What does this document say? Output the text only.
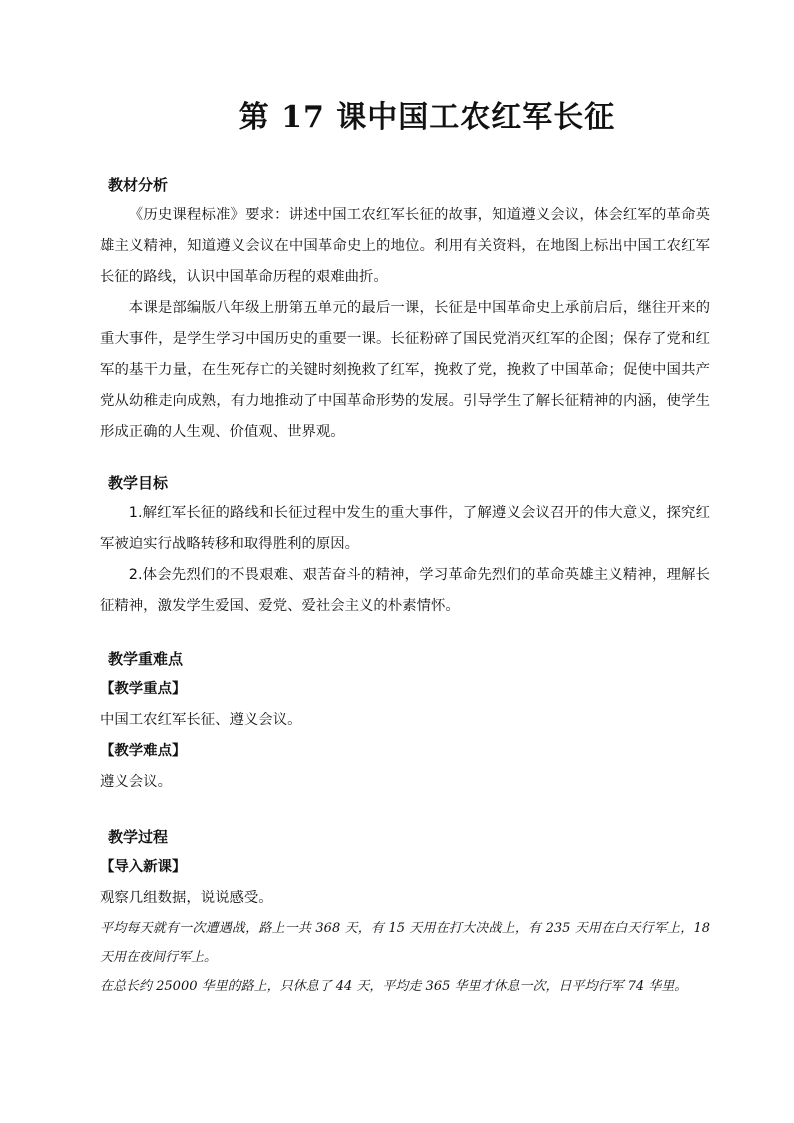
第 17 课中国工农红军长征

教材分析

《历史课程标准》要求：讲述中国工农红军长征的故事，知道遵义会议，体会红军的革命英雄主义精神，知道遵义会议在中国革命史上的地位。利用有关资料，在地图上标出中国工农红军长征的路线，认识中国革命历程的艰难曲折。

本课是部编版八年级上册第五单元的最后一课，长征是中国革命史上承前启后，继往开来的重大事件，是学生学习中国历史的重要一课。长征粉碎了国民党消灭红军的企图；保存了党和红军的基干力量，在生死存亡的关键时刻挽救了红军，挽救了党，挽救了中国革命；促使中国共产党从幼稚走向成熟，有力地推动了中国革命形势的发展。引导学生了解长征精神的内涵，使学生形成正确的人生观、价值观、世界观。

教学目标

1.解红军长征的路线和长征过程中发生的重大事件，了解遵义会议召开的伟大意义，探究红军被迫实行战略转移和取得胜利的原因。

2.体会先烈们的不畏艰难、艰苦奋斗的精神，学习革命先烈们的革命英雄主义精神，理解长征精神，激发学生爱国、爱党、爱社会主义的朴素情怀。

教学重难点

【教学重点】

中国工农红军长征、遵义会议。

【教学难点】

遵义会议。

教学过程

【导入新课】

观察几组数据，说说感受。

平均每天就有一次遭遇战，路上一共 368 天，有 15 天用在打大决战上，有 235 天用在白天行军上，18 天用在夜间行军上。

在总长约 25000 华里的路上，只休息了 44 天，平均走 365 华里才休息一次，日平均行军 74 华里。
